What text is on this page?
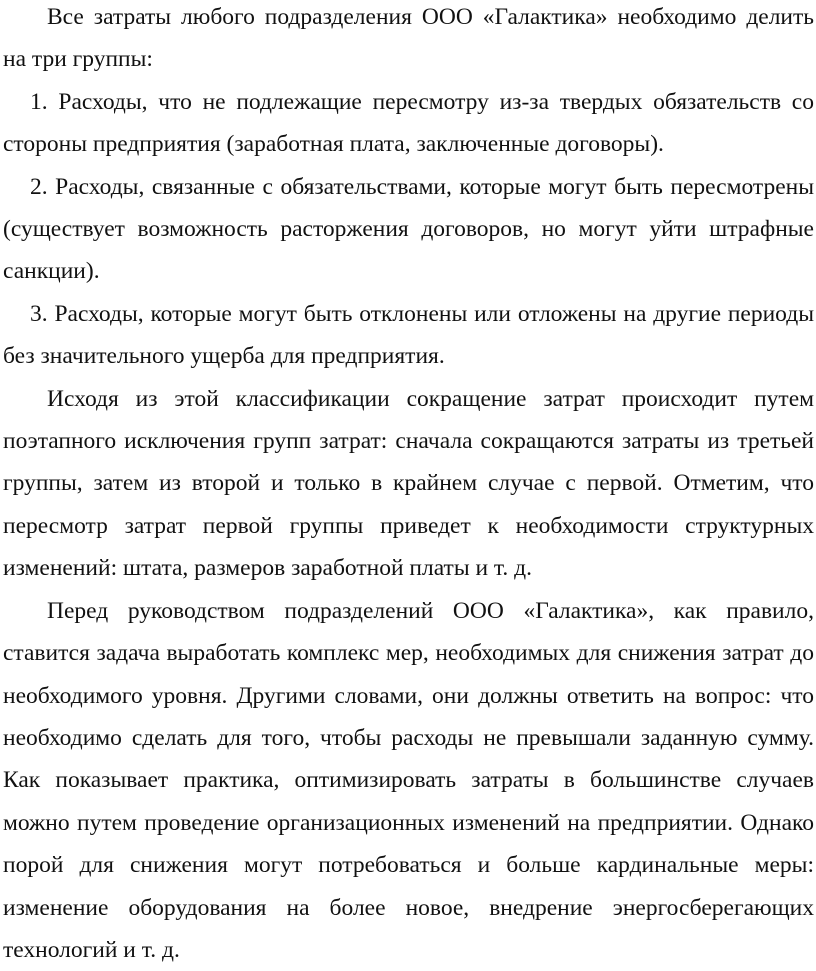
Все затраты любого подразделения ООО «Галактика» необходимо делить на три группы:

1. Расходы, что не подлежащие пересмотру из-за твердых обязательств со стороны предприятия (заработная плата, заключенные договоры).

2. Расходы, связанные с обязательствами, которые могут быть пересмотрены (существует возможность расторжения договоров, но могут уйти штрафные санкции).

3. Расходы, которые могут быть отклонены или отложены на другие периоды без значительного ущерба для предприятия.

Исходя из этой классификации сокращение затрат происходит путем поэтапного исключения групп затрат: сначала сокращаются затраты из третьей группы, затем из второй и только в крайнем случае с первой. Отметим, что пересмотр затрат первой группы приведет к необходимости структурных изменений: штата, размеров заработной платы и т. д.

Перед руководством подразделений ООО «Галактика», как правило, ставится задача выработать комплекс мер, необходимых для снижения затрат до необходимого уровня. Другими словами, они должны ответить на вопрос: что необходимо сделать для того, чтобы расходы не превышали заданную сумму. Как показывает практика, оптимизировать затраты в большинстве случаев можно путем проведение организационных изменений на предприятии. Однако порой для снижения могут потребоваться и больше кардинальные меры: изменение оборудования на более новое, внедрение энергосберегающих технологий и т. д.
